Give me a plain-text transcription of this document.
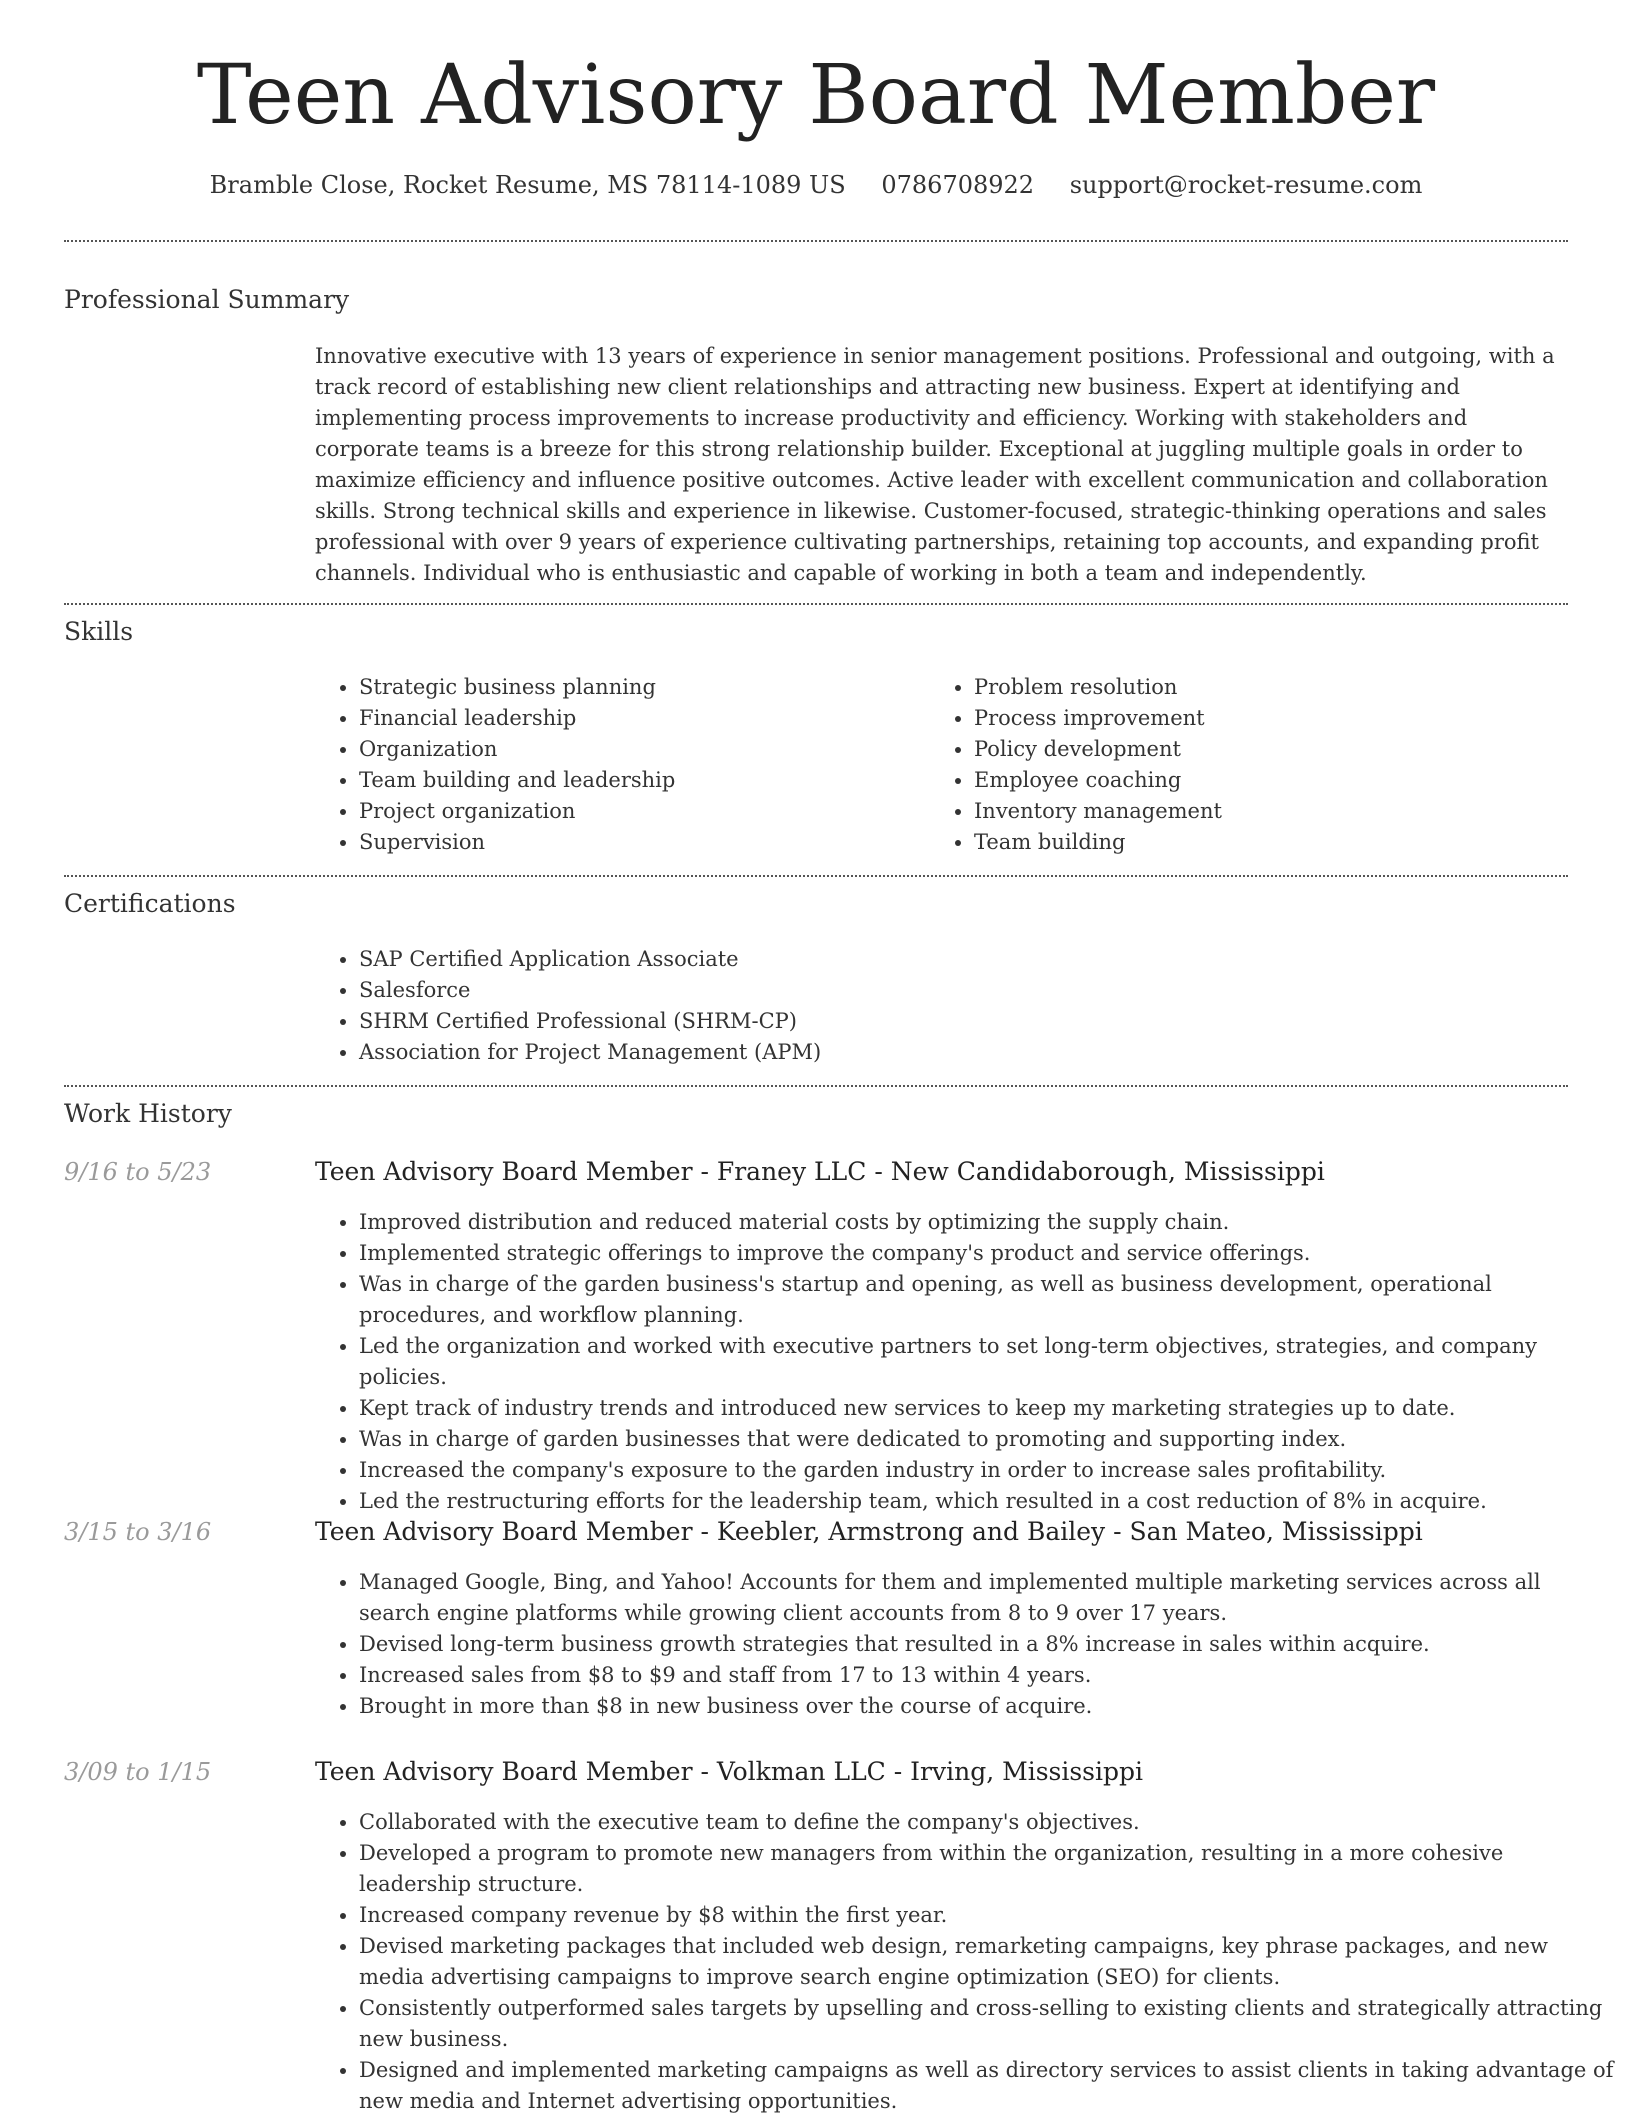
Teen Advisory Board Member
Bramble Close, Rocket Resume, MS 78114-1089 US 0786708922 support@rocket-resume.com
Professional Summary

Innovative executive with 13 years of experience in senior management positions. Professional and outgoing, with a track record of establishing new client relationships and attracting new business. Expert at identifying and implementing process improvements to increase productivity and efficiency. Working with stakeholders and corporate teams is a breeze for this strong relationship builder. Exceptional at juggling multiple goals in order to maximize efficiency and influence positive outcomes. Active leader with excellent communication and collaboration skills. Strong technical skills and experience in likewise. Customer-focused, strategic-thinking operations and sales professional with over 9 years of experience cultivating partnerships, retaining top accounts, and expanding profit channels. Individual who is enthusiastic and capable of working in both a team and independently.

Skills
• Strategic business planning
• Financial leadership
• Organization
• Team building and leadership
• Project organization
• Supervision
• Problem resolution
• Process improvement
• Policy development
• Employee coaching
• Inventory management
• Team building
Certifications
• SAP Certified Application Associate
• Salesforce
• SHRM Certified Professional (SHRM-CP)
• Association for Project Management (APM)
Work History
9/16 to 5/23	Teen Advisory Board Member - Franey LLC - New Candidaborough, Mississippi
• Improved distribution and reduced material costs by optimizing the supply chain.
• Implemented strategic offerings to improve the company's product and service offerings.
• Was in charge of the garden business's startup and opening, as well as business development, operational procedures, and workflow planning.
• Led the organization and worked with executive partners to set long-term objectives, strategies, and company policies.
• Kept track of industry trends and introduced new services to keep my marketing strategies up to date.
• Was in charge of garden businesses that were dedicated to promoting and supporting index.
• Increased the company's exposure to the garden industry in order to increase sales profitability.
• Led the restructuring efforts for the leadership team, which resulted in a cost reduction of 8% in acquire.
3/15 to 3/16	Teen Advisory Board Member - Keebler, Armstrong and Bailey - San Mateo, Mississippi
• Managed Google, Bing, and Yahoo! Accounts for them and implemented multiple marketing services across all search engine platforms while growing client accounts from 8 to 9 over 17 years.
• Devised long-term business growth strategies that resulted in a 8% increase in sales within acquire.
• Increased sales from $8 to $9 and staff from 17 to 13 within 4 years.
• Brought in more than $8 in new business over the course of acquire.
3/09 to 1/15	Teen Advisory Board Member - Volkman LLC - Irving, Mississippi
• Collaborated with the executive team to define the company's objectives.
• Developed a program to promote new managers from within the organization, resulting in a more cohesive leadership structure.
• Increased company revenue by $8 within the first year.
• Devised marketing packages that included web design, remarketing campaigns, key phrase packages, and new media advertising campaigns to improve search engine optimization (SEO) for clients.
• Consistently outperformed sales targets by upselling and cross-selling to existing clients and strategically attracting new business.
• Designed and implemented marketing campaigns as well as directory services to assist clients in taking advantage of new media and Internet advertising opportunities.
